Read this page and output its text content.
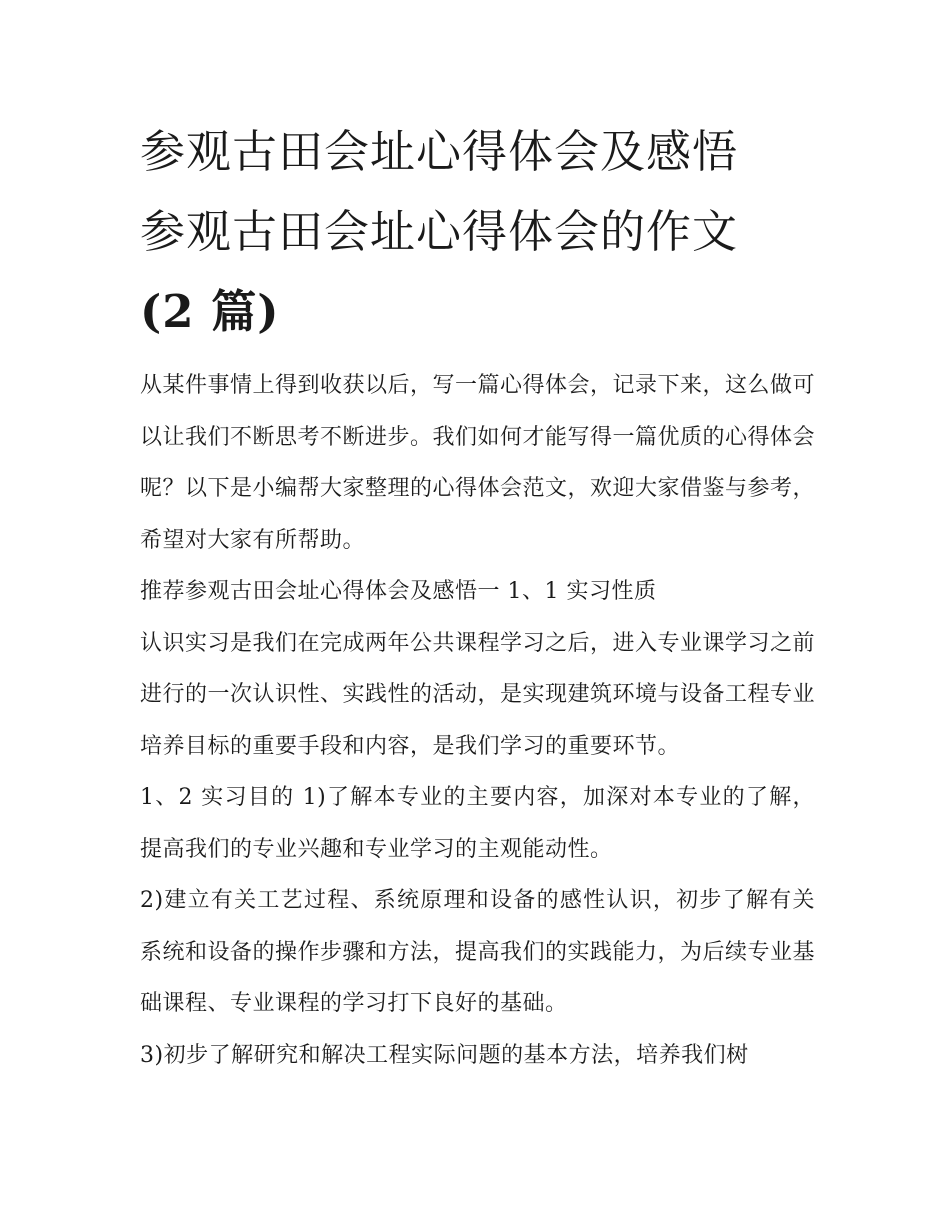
参观古田会址心得体会及感悟
参观古田会址心得体会的作文
(2 篇)

从某件事情上得到收获以后，写一篇心得体会，记录下来，这么做可以让我们不断思考不断进步。我们如何才能写得一篇优质的心得体会呢？以下是小编帮大家整理的心得体会范文，欢迎大家借鉴与参考，希望对大家有所帮助。

推荐参观古田会址心得体会及感悟一 1、1 实习性质

认识实习是我们在完成两年公共课程学习之后，进入专业课学习之前进行的一次认识性、实践性的活动，是实现建筑环境与设备工程专业培养目标的重要手段和内容，是我们学习的重要环节。

1、2 实习目的 1)了解本专业的主要内容，加深对本专业的了解，提高我们的专业兴趣和专业学习的主观能动性。

2)建立有关工艺过程、系统原理和设备的感性认识，初步了解有关系统和设备的操作步骤和方法，提高我们的实践能力，为后续专业基础课程、专业课程的学习打下良好的基础。

3)初步了解研究和解决工程实际问题的基本方法，培养我们树
